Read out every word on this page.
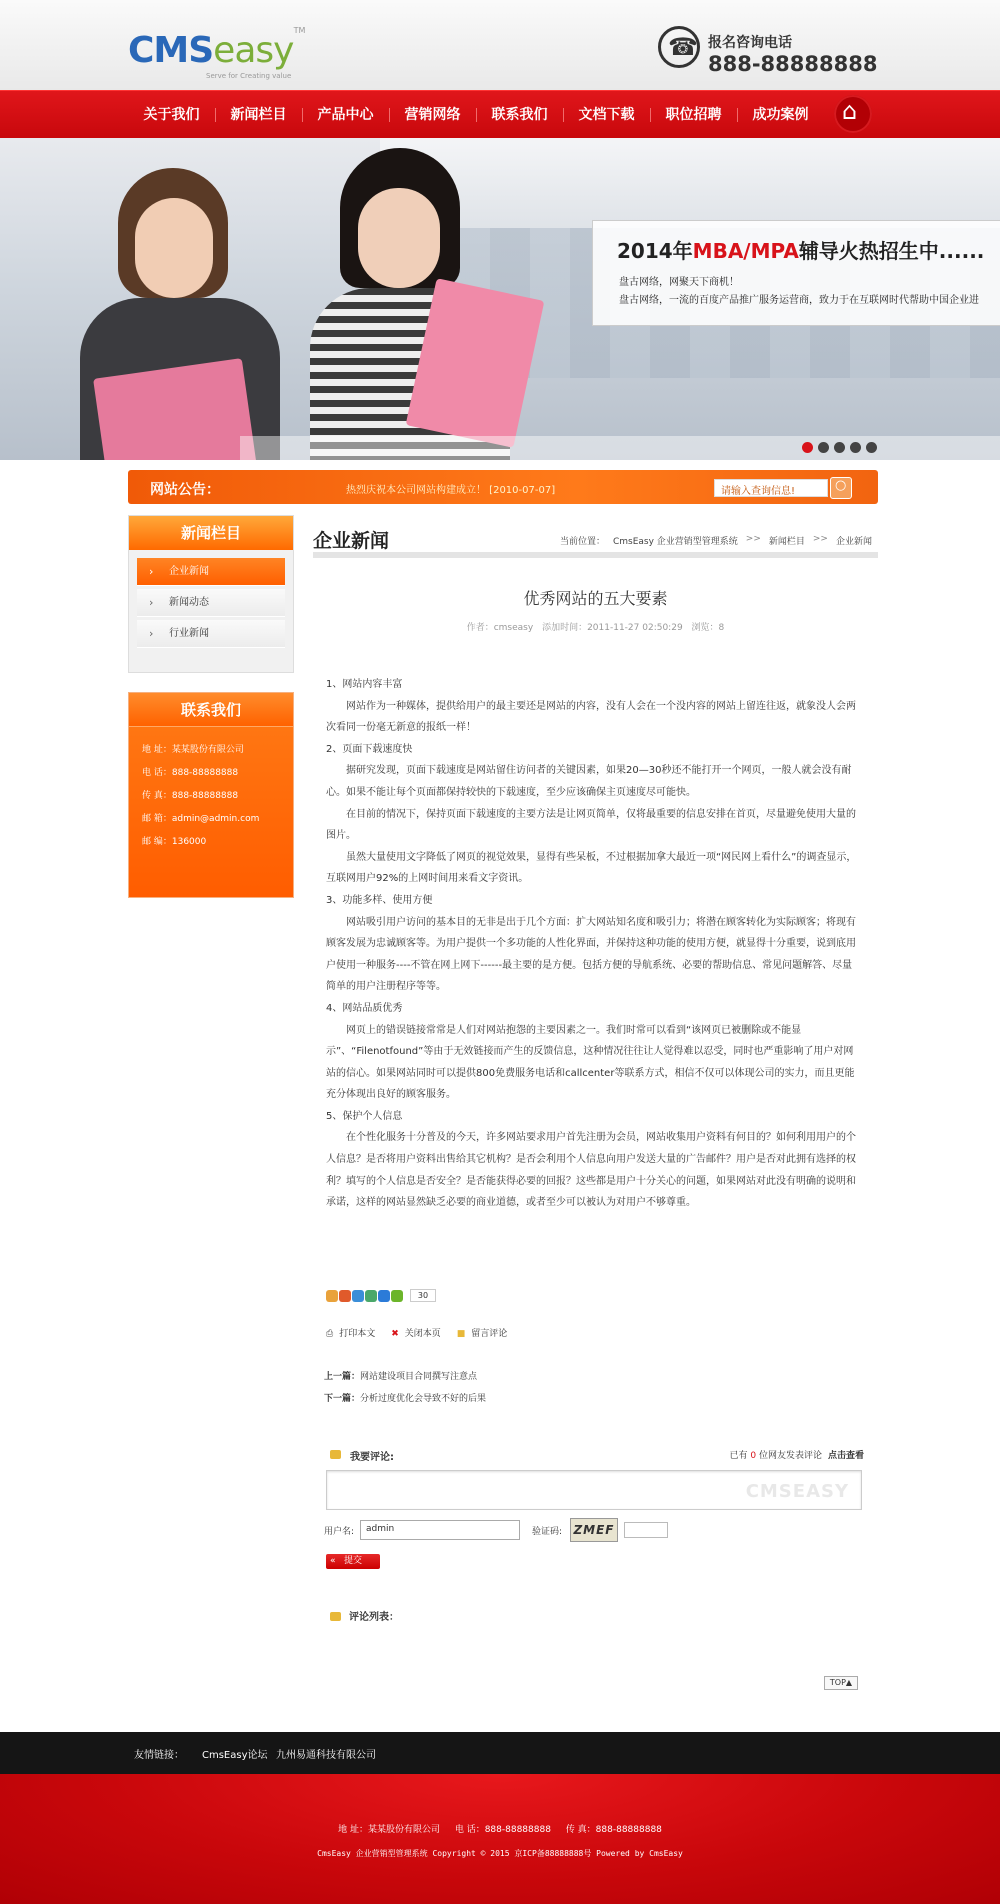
CMSeasy TM
Serve for Creating value
☎
报名咨询电话
888-88888888
关于我们	新闻栏目	产品中心	营销网络	联系我们	文档下载	职位招聘	成功案例
⌂
2014年MBA/MPA辅导火热招生中......
盘古网络，网聚天下商机！
盘古网络，一流的百度产品推广服务运营商，致力于在互联网时代帮助中国企业进
网站公告：	热烈庆祝本公司网站构建成立！ [2010-07-07]	请输入查询信息!
○
新闻栏目
› 企业新闻
› 新闻动态
› 行业新闻
联系我们
地 址：某某股份有限公司
电 话：888-88888888
传 真：888-88888888
邮 箱：admin@admin.com
邮 编：136000
企业新闻	当前位置： CmsEasy 企业营销型管理系统 >> 新闻栏目 >> 企业新闻
优秀网站的五大要素
作者：cmseasy 添加时间：2011-11-27 02:50:29 浏览：8

1、网站内容丰富

网站作为一种媒体，提供给用户的最主要还是网站的内容，没有人会在一个没内容的网站上留连往返，就象没人会两次看同一份毫无新意的报纸一样！

2、页面下载速度快

据研究发现，页面下载速度是网站留住访问者的关键因素，如果20—30秒还不能打开一个网页，一般人就会没有耐心。如果不能让每个页面都保持较快的下载速度，至少应该确保主页速度尽可能快。

在目前的情况下，保持页面下载速度的主要方法是让网页简单，仅将最重要的信息安排在首页，尽量避免使用大量的图片。

虽然大量使用文字降低了网页的视觉效果，显得有些呆板，不过根据加拿大最近一项“网民网上看什么”的调查显示，互联网用户92%的上网时间用来看文字资讯。

3、功能多样、使用方便

网站吸引用户访问的基本目的无非是出于几个方面：扩大网站知名度和吸引力；将潜在顾客转化为实际顾客；将现有顾客发展为忠诚顾客等。为用户提供一个多功能的人性化界面，并保持这种功能的使用方便，就显得十分重要，说到底用户使用一种服务----不管在网上网下------最主要的是方便。包括方便的导航系统、必要的帮助信息、常见问题解答、尽量简单的用户注册程序等等。

4、网站品质优秀

网页上的错误链接常常是人们对网站抱怨的主要因素之一。我们时常可以看到“该网页已被删除或不能显示”、“Filenotfound”等由于无效链接而产生的反馈信息，这种情况往往让人觉得难以忍受，同时也严重影响了用户对网站的信心。如果网站同时可以提供800免费服务电话和callcenter等联系方式，相信不仅可以体现公司的实力，而且更能充分体现出良好的顾客服务。

5、保护个人信息

在个性化服务十分普及的今天，许多网站要求用户首先注册为会员，网站收集用户资料有何目的？如何利用用户的个人信息？是否将用户资料出售给其它机构？是否会利用个人信息向用户发送大量的广告邮件？用户是否对此拥有选择的权利？填写的个人信息是否安全？是否能获得必要的回报？这些都是用户十分关心的问题，如果网站对此没有明确的说明和承诺，这样的网站显然缺乏必要的商业道德，或者至少可以被认为对用户不够尊重。

30
⎙ 打印本文 ✖ 关闭本页 ■ 留言评论
上一篇：网站建设项目合同撰写注意点
下一篇：分析过度优化会导致不好的后果
我要评论:	已有 0 位网友发表评论 点击查看
CMSEASY
用户名:	admin	验证码: ZMEF
« 提交
评论列表：
TOP▲
友情链接： CmsEasy论坛 九州易通科技有限公司
地 址：某某股份有限公司 电 话：888-88888888 传 真：888-88888888
CmsEasy 企业营销型管理系统 Copyright © 2015 京ICP备88888888号 Powered by CmsEasy
